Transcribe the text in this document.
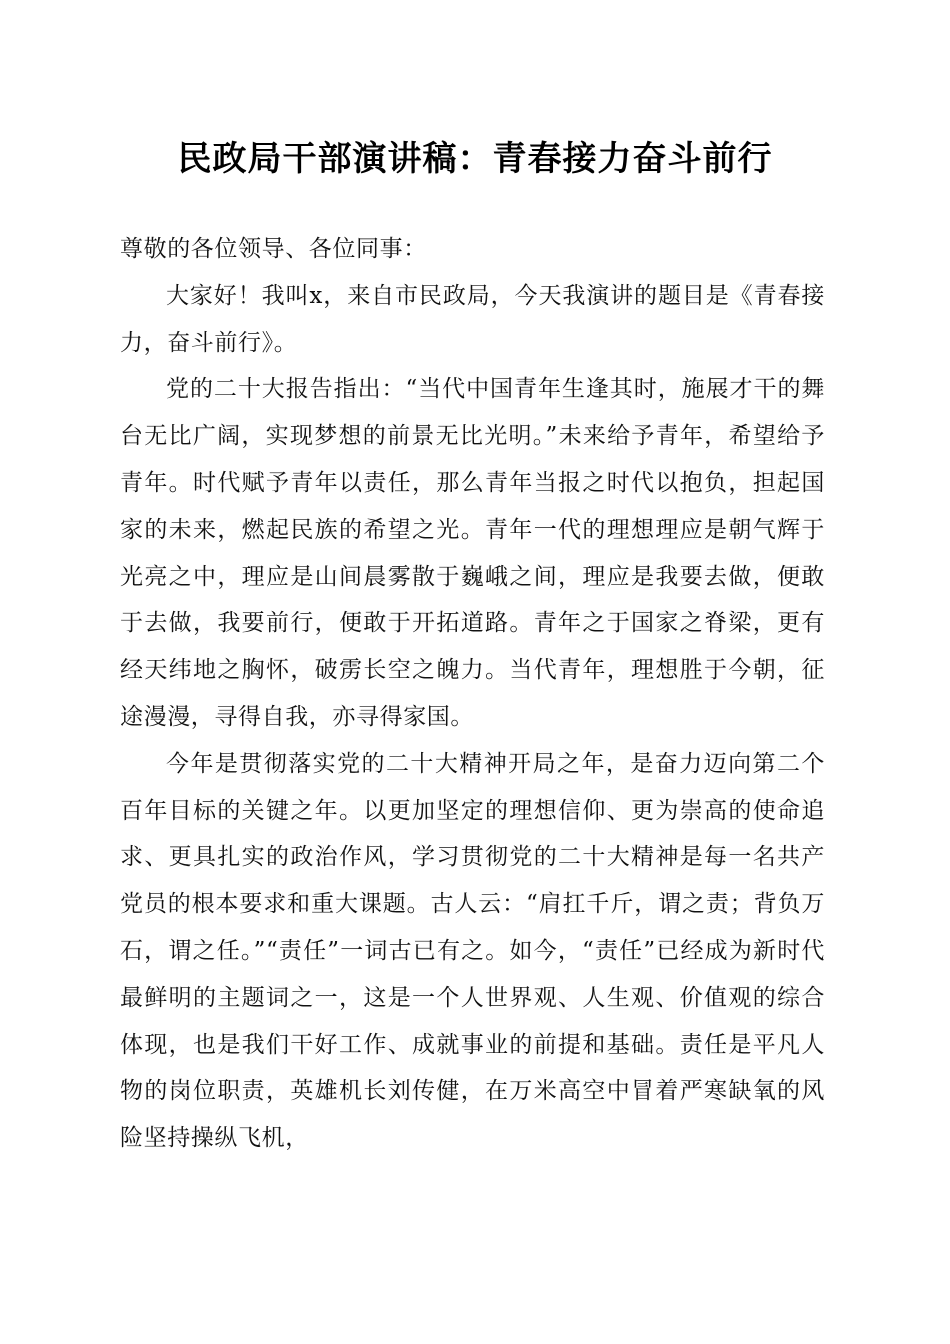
民政局干部演讲稿：青春接力奋斗前行

尊敬的各位领导、各位同事：

大家好！我叫x，来自市民政局，今天我演讲的题目是《青春接力，奋斗前行》。

党的二十大报告指出：“当代中国青年生逢其时，施展才干的舞台无比广阔，实现梦想的前景无比光明。”未来给予青年，希望给予青年。时代赋予青年以责任，那么青年当报之时代以抱负，担起国家的未来，燃起民族的希望之光。青年一代的理想理应是朝气辉于光亮之中，理应是山间晨雾散于巍峨之间，理应是我要去做，便敢于去做，我要前行，便敢于开拓道路。青年之于国家之脊梁，更有经天纬地之胸怀，破雳长空之魄力。当代青年，理想胜于今朝，征途漫漫，寻得自我，亦寻得家国。

今年是贯彻落实党的二十大精神开局之年，是奋力迈向第二个百年目标的关键之年。以更加坚定的理想信仰、更为崇高的使命追求、更具扎实的政治作风，学习贯彻党的二十大精神是每一名共产党员的根本要求和重大课题。古人云：“肩扛千斤，谓之责；背负万石，谓之任。”“责任”一词古已有之。如今，“责任”已经成为新时代最鲜明的主题词之一，这是一个人世界观、人生观、价值观的综合体现，也是我们干好工作、成就事业的前提和基础。责任是平凡人物的岗位职责，英雄机长刘传健，在万米高空中冒着严寒缺氧的风险坚持操纵飞机，
